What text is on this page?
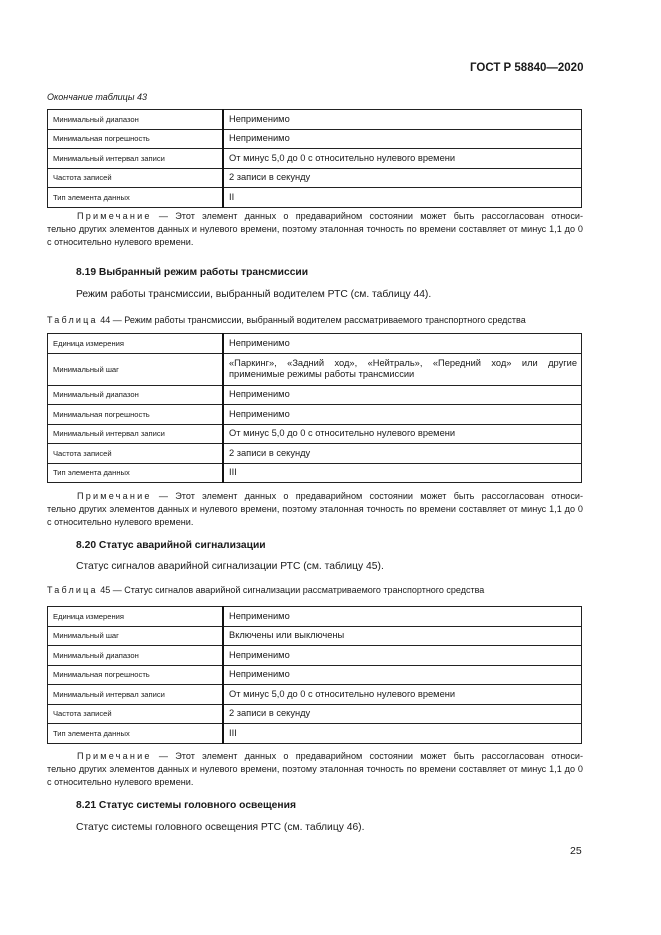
ГОСТ Р 58840—2020
Окончание таблицы 43
Минимальный диапазон	Неприменимо
Минимальная погрешность	Неприменимо
Минимальный интервал записи	От минус 5,0 до 0 с относительно нулевого времени
Частота записей	2 записи в секунду
Тип элемента данных	II
Примечание — Этот элемент данных о предаварийном состоянии может быть рассогласован относи-
тельно других элементов данных и нулевого времени, поэтому эталонная точность по времени составляет от минус 1,1 до 0 с относительно нулевого времени.
8.19 Выбранный режим работы трансмиссии
Режим работы трансмиссии, выбранный водителем РТС (см. таблицу 44).
Таблица 44 — Режим работы трансмиссии, выбранный водителем рассматриваемого транспортного средства
Единица измерения	Неприменимо
Минимальный шаг	«Паркинг», «Задний ход», «Нейтраль», «Передний ход» или другие применимые режимы работы трансмиссии
Минимальный диапазон	Неприменимо
Минимальная погрешность	Неприменимо
Минимальный интервал записи	От минус 5,0 до 0 с относительно нулевого времени
Частота записей	2 записи в секунду
Тип элемента данных	III
Примечание — Этот элемент данных о предаварийном состоянии может быть рассогласован относи-
тельно других элементов данных и нулевого времени, поэтому эталонная точность по времени составляет от минус 1,1 до 0 с относительно нулевого времени.
8.20 Статус аварийной сигнализации
Статус сигналов аварийной сигнализации РТС (см. таблицу 45).
Таблица 45 — Статус сигналов аварийной сигнализации рассматриваемого транспортного средства
Единица измерения	Неприменимо
Минимальный шаг	Включены или выключены
Минимальный диапазон	Неприменимо
Минимальная погрешность	Неприменимо
Минимальный интервал записи	От минус 5,0 до 0 с относительно нулевого времени
Частота записей	2 записи в секунду
Тип элемента данных	III
Примечание — Этот элемент данных о предаварийном состоянии может быть рассогласован относи-
тельно других элементов данных и нулевого времени, поэтому эталонная точность по времени составляет от минус 1,1 до 0 с относительно нулевого времени.
8.21 Статус системы головного освещения
Статус системы головного освещения РТС (см. таблицу 46).
25
